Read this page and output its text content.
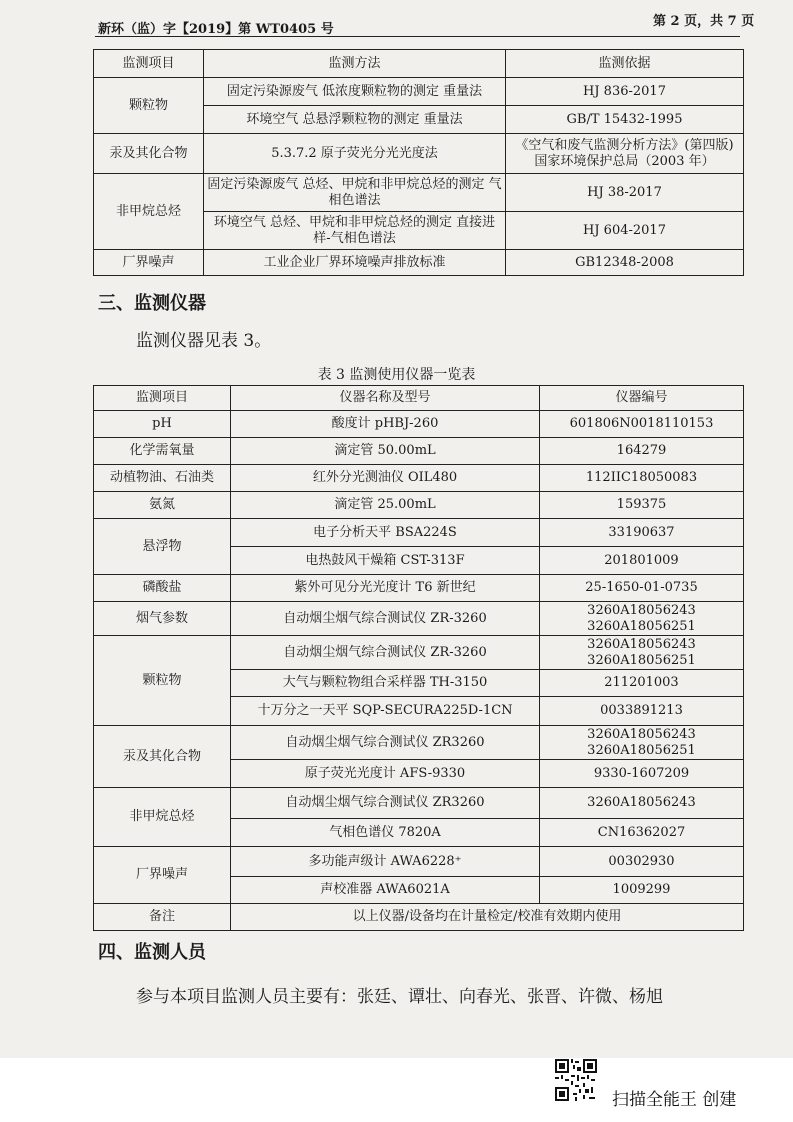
新环（监）字【2019】第 WT0405 号
第 2 页，共 7 页
监测项目	监测方法	监测依据
颗粒物	固定污染源废气 低浓度颗粒物的测定 重量法	HJ 836-2017
	环境空气 总悬浮颗粒物的测定 重量法	GB/T 15432-1995
汞及其化合物	5.3.7.2 原子荧光分光光度法	《空气和废气监测分析方法》(第四版)国家环境保护总局（2003 年）
非甲烷总烃	固定污染源废气 总烃、甲烷和非甲烷总烃的测定 气相色谱法	HJ 38-2017
	环境空气 总烃、甲烷和非甲烷总烃的测定 直接进样-气相色谱法	HJ 604-2017
厂界噪声	工业企业厂界环境噪声排放标准	GB12348-2008
三、监测仪器
监测仪器见表 3。
表 3 监测使用仪器一览表
监测项目	仪器名称及型号	仪器编号
pH	酸度计 pHBJ-260	601806N0018110153
化学需氧量	滴定管 50.00mL	164279
动植物油、石油类	红外分光测油仪 OIL480	112IIC18050083
氨氮	滴定管 25.00mL	159375
悬浮物	电子分析天平 BSA224S	33190637
	电热鼓风干燥箱 CST-313F	201801009
磷酸盐	紫外可见分光光度计 T6 新世纪	25-1650-01-0735
烟气参数	自动烟尘烟气综合测试仪 ZR-3260	3260A18056243
3260A18056251

颗粒物	自动烟尘烟气综合测试仪 ZR-3260	3260A18056243
3260A18056251

	大气与颗粒物组合采样器 TH-3150	211201003
	十万分之一天平 SQP-SECURA225D-1CN	0033891213
汞及其化合物	自动烟尘烟气综合测试仪 ZR3260	3260A18056243
3260A18056251

	原子荧光光度计 AFS-9330	9330-1607209
非甲烷总烃	自动烟尘烟气综合测试仪 ZR3260	3260A18056243
	气相色谱仪 7820A	CN16362027
厂界噪声	多功能声级计 AWA6228⁺	00302930
	声校准器 AWA6021A	1009299
备注	以上仪器/设备均在计量检定/校准有效期内使用	
四、监测人员
参与本项目监测人员主要有：张廷、谭壮、向春光、张晋、许微、杨旭
扫描全能王 创建
